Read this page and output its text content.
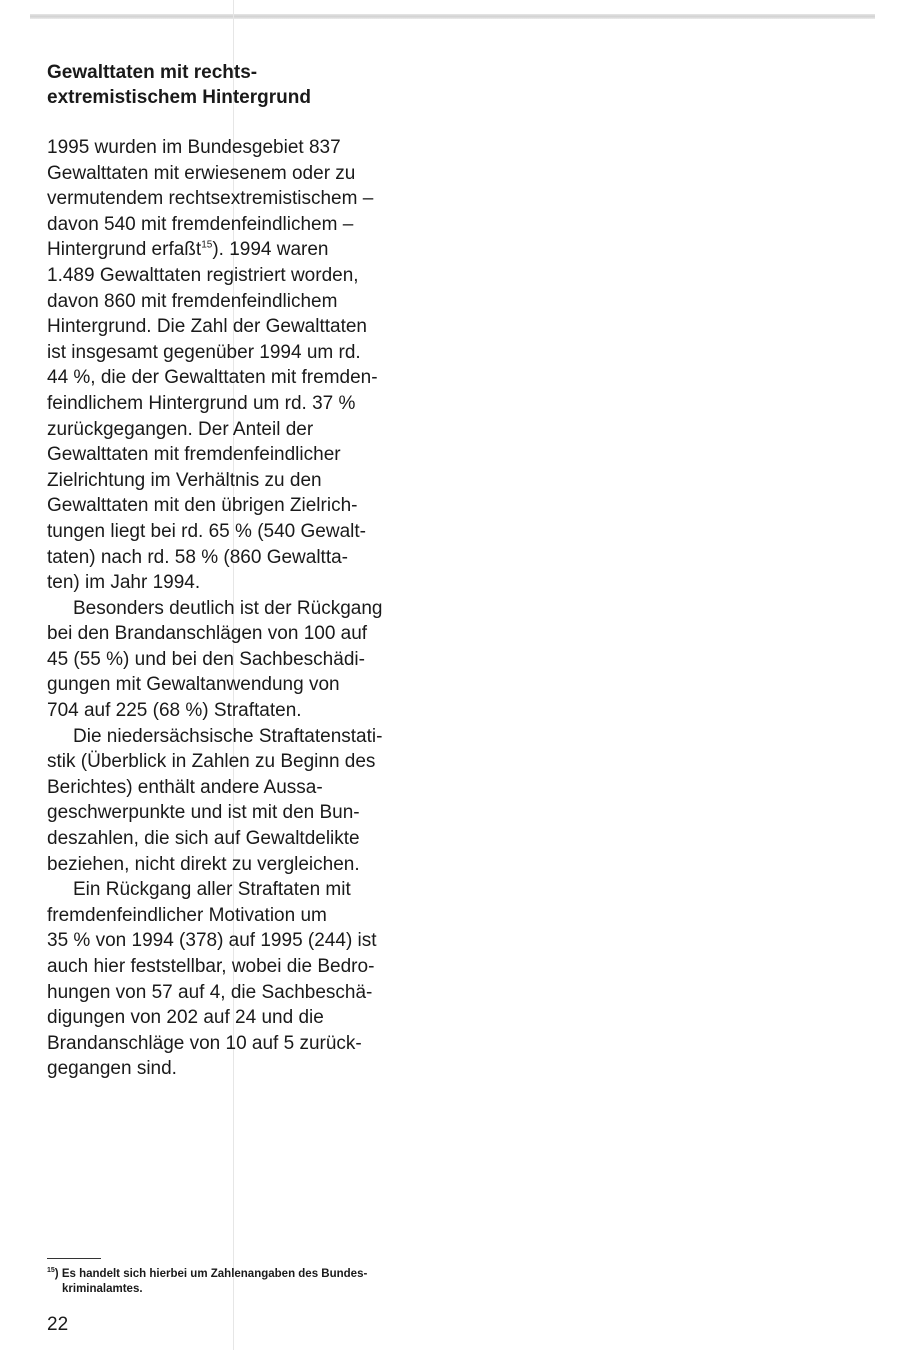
Gewalttaten mit rechts-
extremistischem Hintergrund
1995 wurden im Bundesgebiet 837
Gewalttaten mit erwiesenem oder zu
vermutendem rechtsextremistischem –
davon 540 mit fremdenfeindlichem –
Hintergrund erfaßt$^{15}$). 1994 waren
1.489 Gewalttaten registriert worden,
davon 860 mit fremdenfeindlichem
Hintergrund. Die Zahl der Gewalttaten
ist insgesamt gegenüber 1994 um rd.
44 %, die der Gewalttaten mit fremden-
feindlichem Hintergrund um rd. 37 %
zurückgegangen. Der Anteil der
Gewalttaten mit fremdenfeindlicher
Zielrichtung im Verhältnis zu den
Gewalttaten mit den übrigen Zielrich-
tungen liegt bei rd. 65 % (540 Gewalt-
taten) nach rd. 58 % (860 Gewaltta-
ten) im Jahr 1994.
Besonders deutlich ist der Rückgang
bei den Brandanschlägen von 100 auf
45 (55 %) und bei den Sachbeschädi-
gungen mit Gewaltanwendung von
704 auf 225 (68 %) Straftaten.
Die niedersächsische Straftatenstati-
stik (Überblick in Zahlen zu Beginn des
Berichtes) enthält andere Aussa-
geschwerpunkte und ist mit den Bun-
deszahlen, die sich auf Gewaltdelikte
beziehen, nicht direkt zu vergleichen.
Ein Rückgang aller Straftaten mit
fremdenfeindlicher Motivation um
35 % von 1994 (378) auf 1995 (244) ist
auch hier feststellbar, wobei die Bedro-
hungen von 57 auf 4, die Sachbeschä-
digungen von 202 auf 24 und die
Brandanschläge von 10 auf 5 zurück-
gegangen sind.
$^{15}$) Es handelt sich hierbei um Zahlenangaben des Bundes-
kriminalamtes.
22
